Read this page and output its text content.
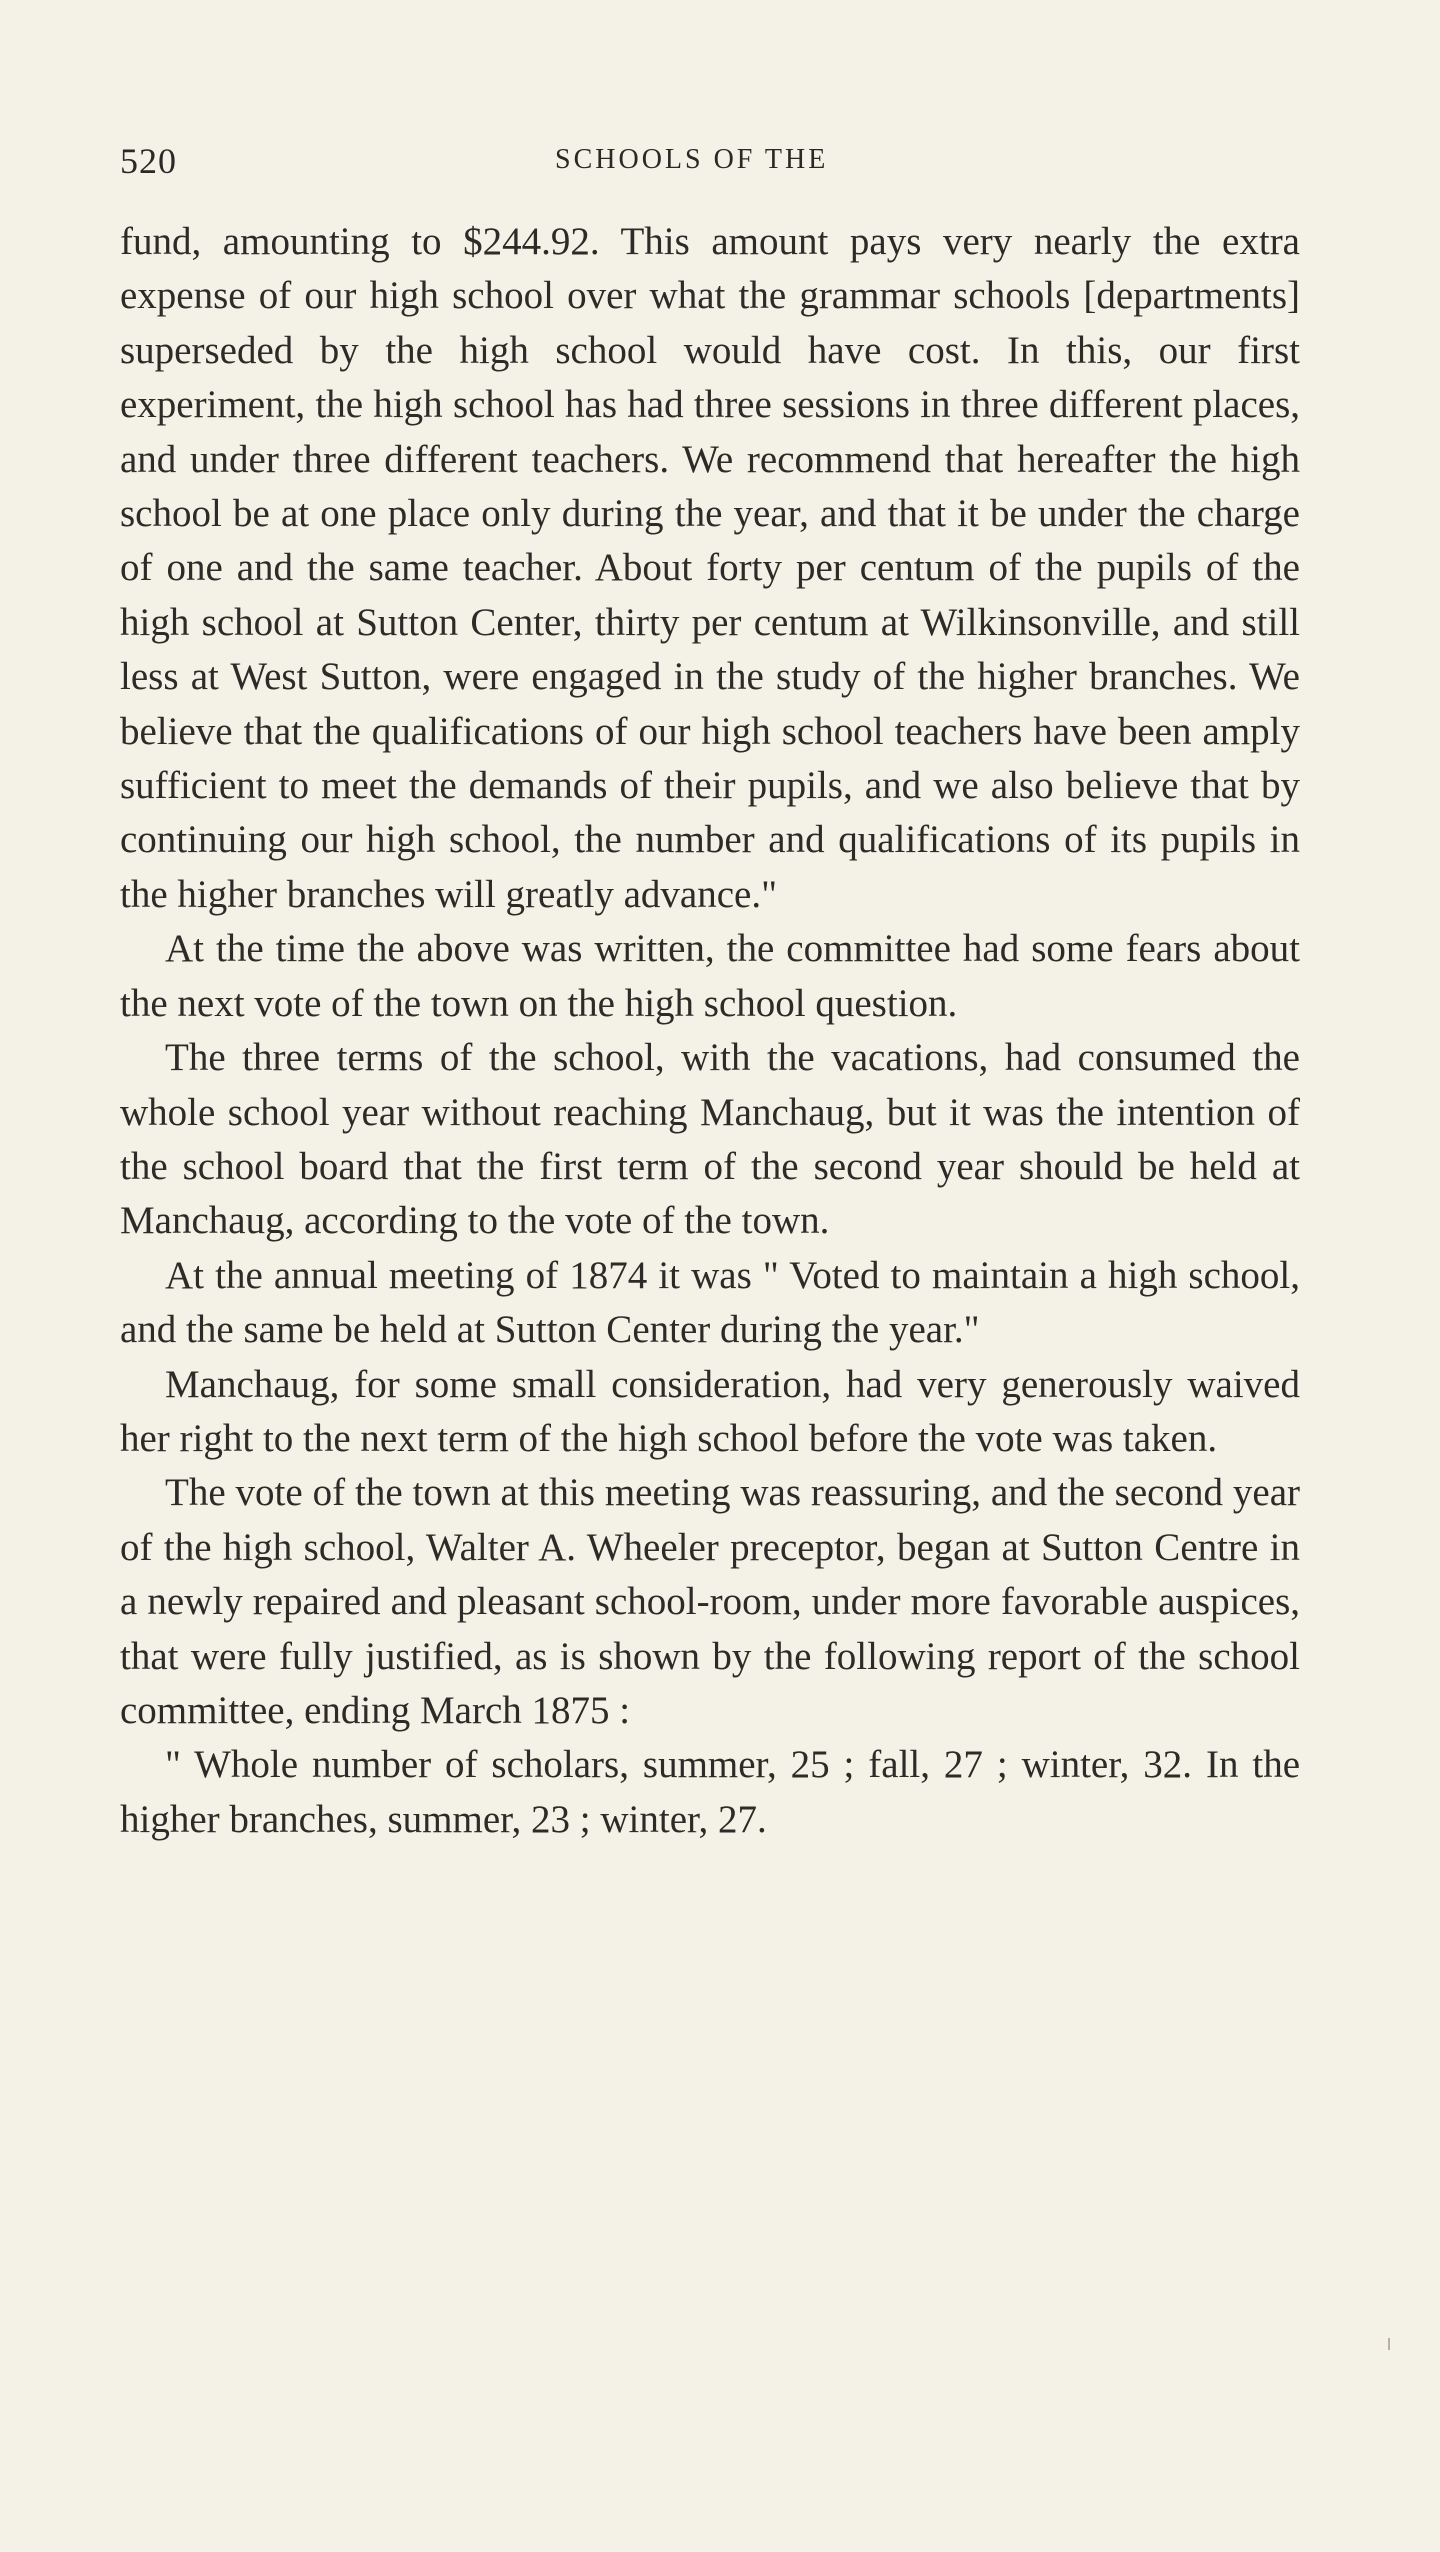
520	SCHOOLS OF THE

fund, amounting to $244.92. This amount pays very nearly the extra expense of our high school over what the grammar schools [departments] superseded by the high school would have cost. In this, our first experiment, the high school has had three sessions in three different places, and under three different teachers. We recommend that hereafter the high school be at one place only during the year, and that it be under the charge of one and the same teacher. About forty per centum of the pupils of the high school at Sutton Center, thirty per centum at Wilkinsonville, and still less at West Sutton, were engaged in the study of the higher branches. We believe that the qualifications of our high school teachers have been amply sufficient to meet the demands of their pupils, and we also believe that by continuing our high school, the number and qualifications of its pupils in the higher branches will greatly advance."

At the time the above was written, the committee had some fears about the next vote of the town on the high school question.

The three terms of the school, with the vacations, had consumed the whole school year without reaching Manchaug, but it was the intention of the school board that the first term of the second year should be held at Manchaug, according to the vote of the town.

At the annual meeting of 1874 it was " Voted to maintain a high school, and the same be held at Sutton Center during the year."

Manchaug, for some small consideration, had very generously waived her right to the next term of the high school before the vote was taken.

The vote of the town at this meeting was reassuring, and the second year of the high school, Walter A. Wheeler preceptor, began at Sutton Centre in a newly repaired and pleasant school-room, under more favorable auspices, that were fully justified, as is shown by the following report of the school committee, ending March 1875 :

" Whole number of scholars, summer, 25 ; fall, 27 ; winter, 32. In the higher branches, summer, 23 ; winter, 27.
